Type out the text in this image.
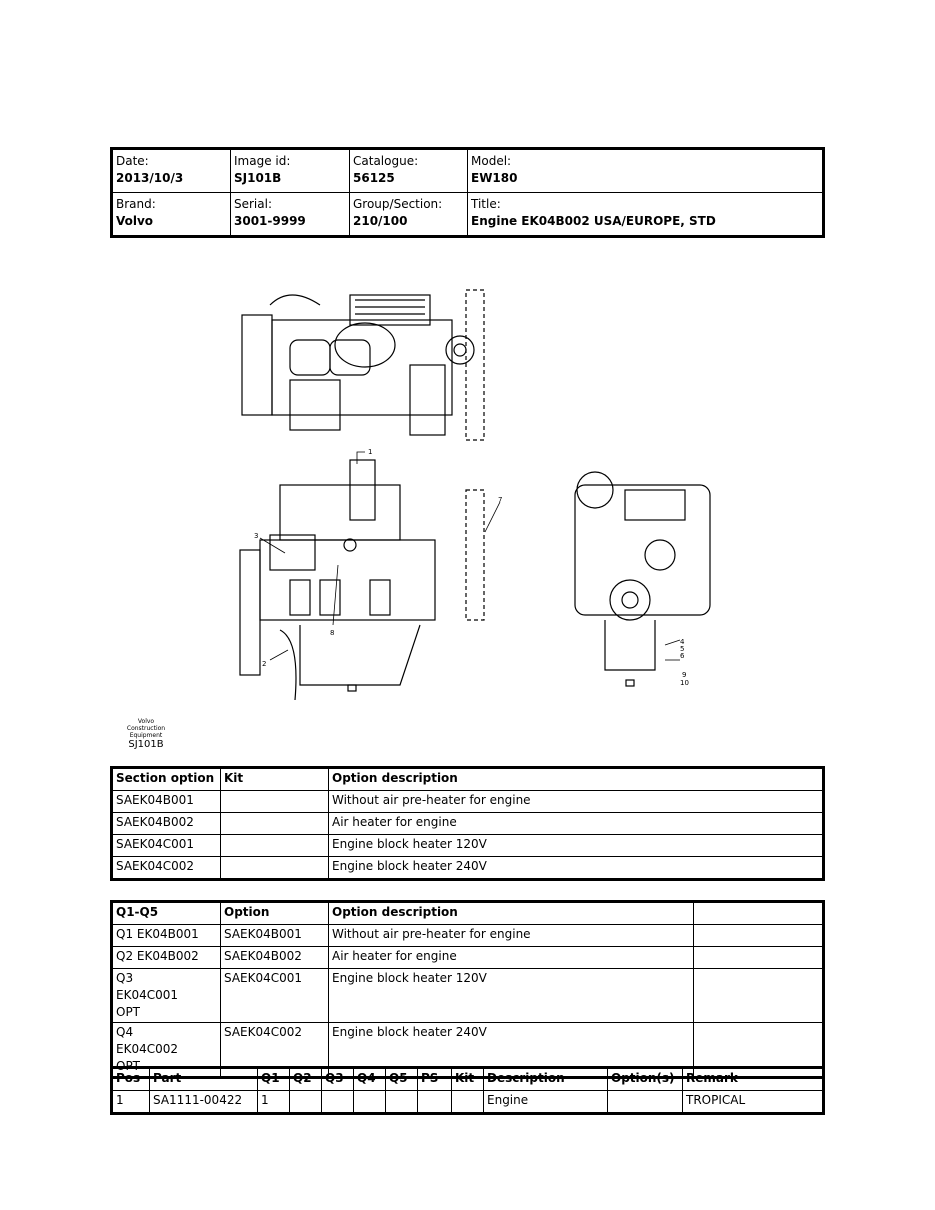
Date:
2013/10/3	Image id:
SJ101B	Catalogue:
56125	Model:
EW180
Brand:
Volvo	Serial:
3001-9999	Group/Section:
210/100	Title:
Engine EK04B002 USA/EUROPE, STD
1
2
3
7
8
4
5
6
9
10
Volvo Construction Equipment
SJ101B
Section option	Kit	Option description
SAEK04B001		Without air pre-heater for engine
SAEK04B002		Air heater for engine
SAEK04C001		Engine block heater 120V
SAEK04C002		Engine block heater 240V
Q1-Q5	Option	Option description	
Q1 EK04B001	SAEK04B001	Without air pre-heater for engine	
Q2 EK04B002	SAEK04B002	Air heater for engine	
Q3 EK04C001 OPT	SAEK04C001	Engine block heater 120V	
Q4 EK04C002 OPT	SAEK04C002	Engine block heater 240V	
Pos	Part	Q1	Q2	Q3	Q4	Q5	PS	Kit	Description	Option(s)	Remark
1	SA1111-00422	1							Engine		TROPICAL
